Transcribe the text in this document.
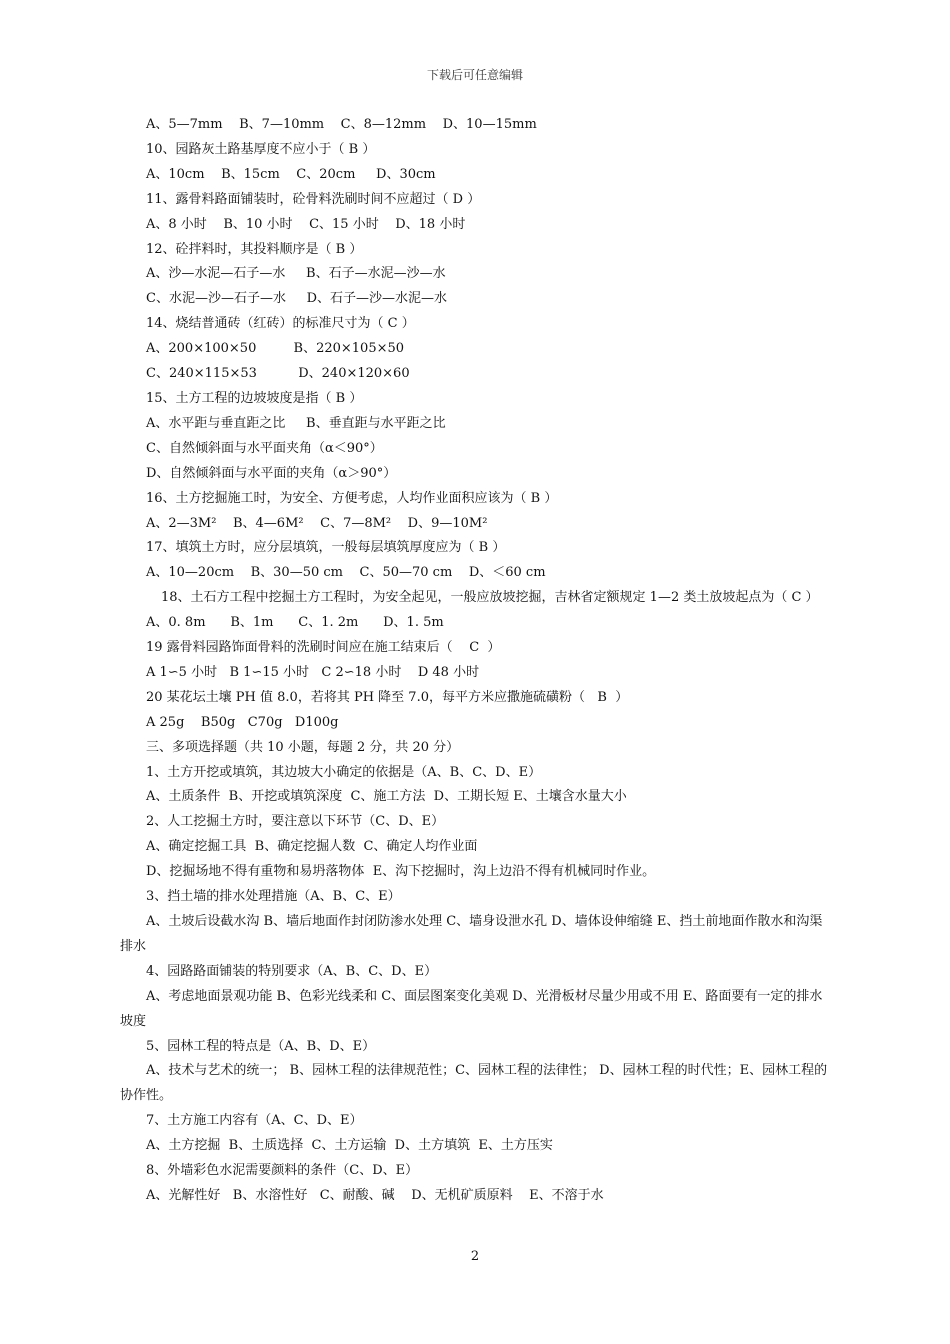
下载后可任意编辑
A、5—7mm    B、7—10mm    C、8—12mm    D、10—15mm
10、园路灰土路基厚度不应小于（ B ）
A、10cm    B、15cm    C、20cm     D、30cm
11、露骨料路面铺装时，砼骨料洗刷时间不应超过（ D ）
A、8 小时    B、10 小时    C、15 小时    D、18 小时
12、砼拌料时，其投料顺序是（ B ）
A、沙—水泥—石子—水     B、石子—水泥—沙—水
C、水泥—沙—石子—水     D、石子—沙—水泥—水
14、烧结普通砖（红砖）的标准尺寸为（ C ）
A、200×100×50         B、220×105×50
C、240×115×53          D、240×120×60
15、土方工程的边坡坡度是指（ B ）
A、水平距与垂直距之比     B、垂直距与水平距之比
C、自然倾斜面与水平面夹角（α＜90°）
D、自然倾斜面与水平面的夹角（α＞90°）
16、土方挖掘施工时，为安全、方便考虑，人均作业面积应该为（ B ）
A、2—3M²    B、4—6M²    C、7—8M²    D、9—10M²
17、填筑土方时，应分层填筑，一般每层填筑厚度应为（ B ）
A、10—20cm    B、30—50 cm    C、50—70 cm    D、＜60 cm
18、土石方工程中挖掘土方工程时，为安全起见，一般应放坡挖掘，吉林省定额规定 1—2 类土放坡起点为（ C ）
A、0. 8m      B、1m      C、1. 2m      D、1. 5m
19 露骨料园路饰面骨料的洗刷时间应在施工结束后（    C  ）
A 1∽5 小时   B 1∽15 小时   C 2∽18 小时    D 48 小时
20 某花坛土壤 PH 值 8.0，若将其 PH 降至 7.0，每平方米应撒施硫磺粉（   B  ）
A 25g    B50g   C70g   D100g
三、多项选择题（共 10 小题，每题 2 分，共 20 分）
1、土方开挖或填筑，其边坡大小确定的依据是（A、B、C、D、E）
A、土质条件  B、开挖或填筑深度  C、施工方法  D、工期长短 E、土壤含水量大小
2、人工挖掘土方时，要注意以下环节（C、D、E）
A、确定挖掘工具  B、确定挖掘人数  C、确定人均作业面
D、挖掘场地不得有重物和易坍落物体  E、沟下挖掘时，沟上边沿不得有机械同时作业。
3、挡土墙的排水处理措施（A、B、C、E）
A、土坡后设截水沟 B、墙后地面作封闭防渗水处理 C、墙身设泄水孔 D、墙体设伸缩缝 E、挡土前地面作散水和沟渠排水
4、园路路面铺装的特别要求（A、B、C、D、E）
A、考虑地面景观功能 B、色彩光线柔和 C、面层图案变化美观 D、光滑板材尽量少用或不用 E、路面要有一定的排水坡度
5、园林工程的特点是（A、B、D、E）
A、技术与艺术的统一； B、园林工程的法律规范性；C、园林工程的法律性； D、园林工程的时代性；E、园林工程的协作性。
7、土方施工内容有（A、C、D、E）
A、土方挖掘  B、土质选择  C、土方运输  D、土方填筑  E、土方压实
8、外墙彩色水泥需要颜料的条件（C、D、E）
A、光解性好   B、水溶性好   C、耐酸、碱    D、无机矿质原料    E、不溶于水
2
